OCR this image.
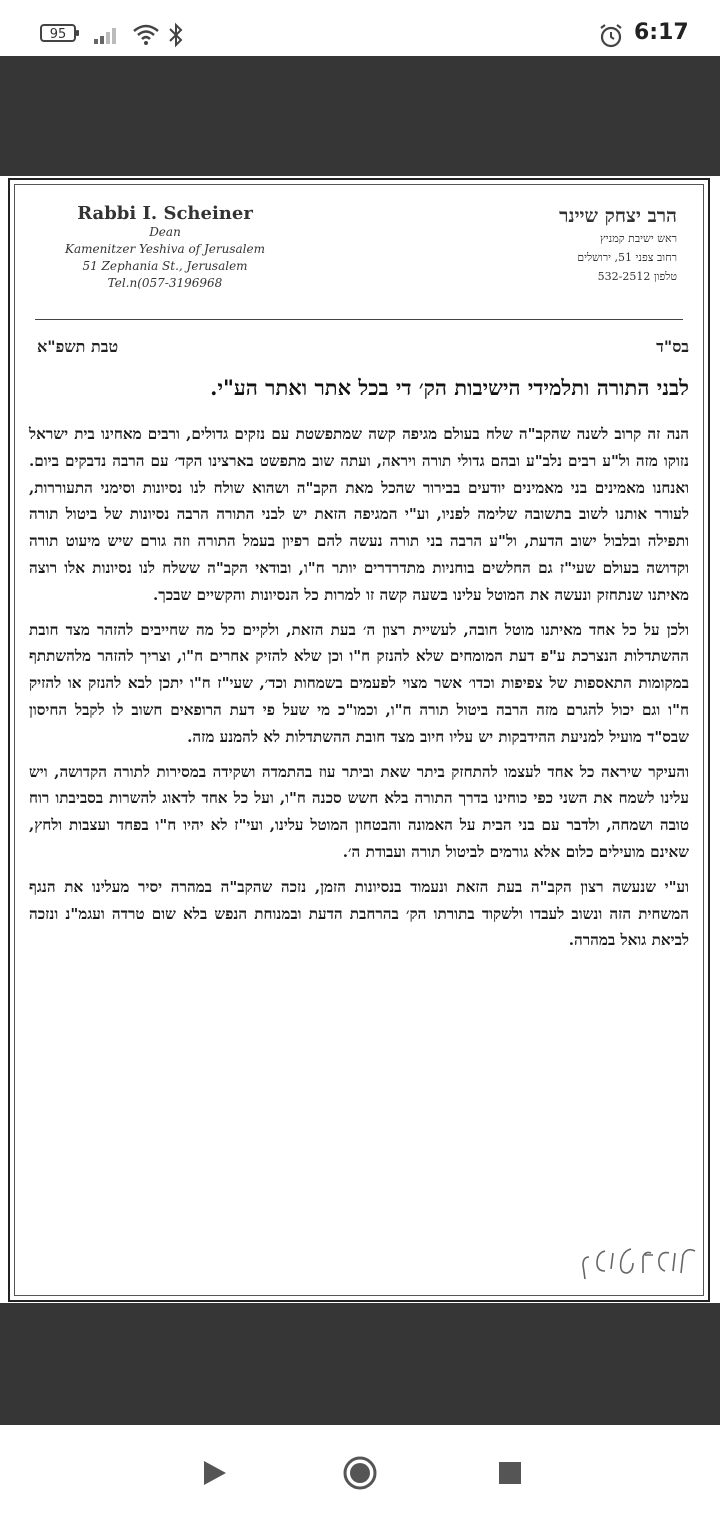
95	6:17
Rabbi I. Scheiner
Dean
Kamenitzer Yeshiva of Jerusalem
51 Zephania St., Jerusalem
Tel.n(057-3196968
הרב יצחק שיינר
ראש ישיבת קמניץ
רחוב צפני 51, ירושלים
טלפון 532-2512
בס"ד
טבת תשפ"א
לבני התורה ותלמידי הישיבות הק׳ די בכל אתר ואתר הע"י.

הנה זה קרוב לשנה שהקב"ה שלח בעולם מגיפה קשה שמתפשטת עם נזקים גדולים, ורבים מאחינו בית ישראל נזוקו מזה ול"ע רבים נלב"ע ובהם גדולי תורה ויראה, ועתה שוב מתפשט בארצינו הקד׳ עם הרבה נדבקים ביום. ואנחנו מאמינים בני מאמינים יודעים בבירור שהכל מאת הקב"ה ושהוא שולח לנו נסיונות וסימני התעוררות, לעורר אותנו לשוב בתשובה שלימה לפניו, וע"י המגיפה הזאת יש לבני התורה הרבה נסיונות של ביטול תורה ותפילה ובלבול ישוב הדעת, ול"ע הרבה בני תורה נעשה להם רפיון בעמל התורה וזה גורם שיש מיעוט תורה וקדושה בעולם שעי"ז גם החלשים בוחניות מתדרדרים יותר ח"ו, ובודאי הקב"ה ששלח לנו נסיונות אלו רוצה מאיתנו שנתחזק ונעשה את המוטל עלינו בשעה קשה זו למרות כל הנסיונות והקשיים שבכך.

ולכן על כל אחד מאיתנו מוטל חובה, לעשיית רצון ה׳ בעת הזאת, ולקיים כל מה שחייבים להזהר מצד חובת ההשתדלות הנצרכת ע"פ דעת המומחים שלא להנזק ח"ו וכן שלא להזיק אחרים ח"ו, וצריך להזהר מלהשתתף במקומות התאספות של צפיפות וכדו׳ אשר מצוי לפעמים בשמחות וכד׳, שעי"ז ח"ו יתכן לבא להנזק או להזיק ח"ו וגם יכול להגרם מזה הרבה ביטול תורה ח"ו, וכמו"כ מי שעל פי דעת הרופאים חשוב לו לקבל החיסון שבס"ד מועיל למניעת ההידבקות יש עליו חיוב מצד חובת ההשתדלות לא להמנע מזה.

והעיקר שיראה כל אחד לעצמו להתחזק ביתר שאת וביתר עוז בהתמדה ושקידה במסירות לתורה הקדושה, ויש עלינו לשמח את השני כפי כוחינו בדרך התורה בלא חשש סכנה ח"ו, ועל כל אחד לדאוג להשרות בסביבתו רוח טובה ושמחה, ולדבר עם בני הבית על האמונה והבטחון המוטל עלינו, ועי"ז לא יהיו ח"ו בפחד ועצבות ולחץ, שאינם מועילים כלום אלא גורמים לביטול תורה ועבודת ה׳.

וע"י שנעשה רצון הקב"ה בעת הזאת ונעמוד בנסיונות הזמן, נזכה שהקב"ה במהרה יסיר מעלינו את הנגף המשחית הזה ונשוב לעבדו ולשקוד בתורתו הק׳ בהרחבת הדעת ובמנוחת הנפש בלא שום טרדה ועגמ"נ ונזכה לביאת גואל במהרה.
